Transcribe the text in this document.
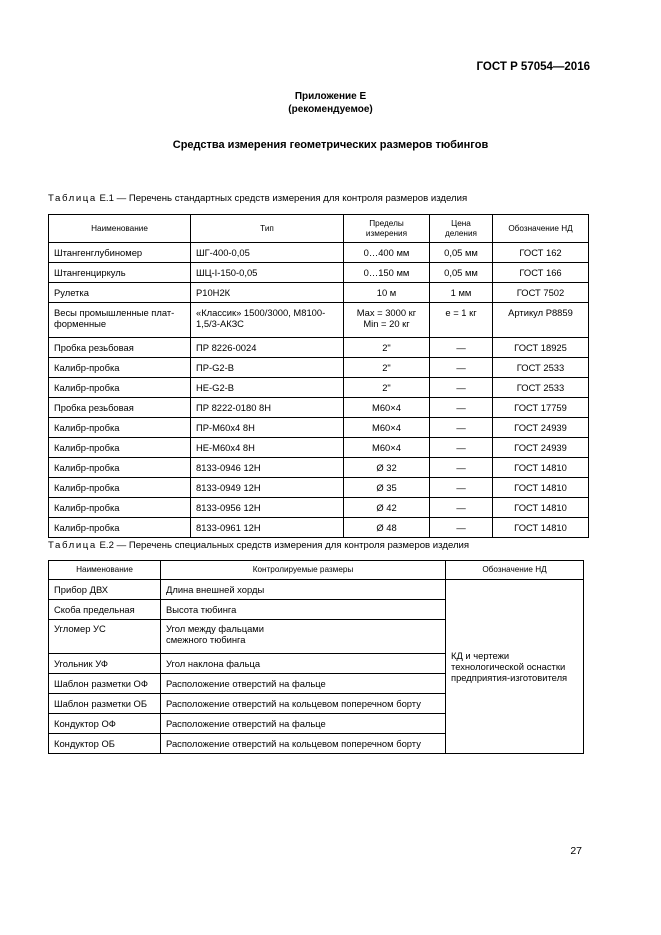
ГОСТ Р 57054—2016
Приложение Е
(рекомендуемое)
Средства измерения геометрических размеров тюбингов
Таблица Е.1 — Перечень стандартных средств измерения для контроля размеров изделия
Наименование	Тип	Пределы измерения	Цена деления	Обозначение НД
Штангенглубиномер	ШГ-400-0,05	0…400 мм	0,05 мм	ГОСТ 162
Штангенциркуль	ШЦ-I-150-0,05	0…150 мм	0,05 мм	ГОСТ 166
Рулетка	Р10Н2К	10 м	1 мм	ГОСТ 7502
Весы промышленные плат-форменные	«Классик» 1500/3000, М8100-1,5/3-АКЗС	Max = 3000 кг Min = 20 кг	e = 1 кг	Артикул Р8859
Пробка резьбовая	ПР 8226-0024	2"	—	ГОСТ 18925
Калибр-пробка	ПР-G2-В	2"	—	ГОСТ 2533
Калибр-пробка	НЕ-G2-В	2"	—	ГОСТ 2533
Пробка резьбовая	ПР 8222-0180 8Н	М60×4	—	ГОСТ 17759
Калибр-пробка	ПР-М60х4 8Н	М60×4	—	ГОСТ 24939
Калибр-пробка	НЕ-М60х4 8Н	М60×4	—	ГОСТ 24939
Калибр-пробка	8133-0946 12Н	Ø 32	—	ГОСТ 14810
Калибр-пробка	8133-0949 12Н	Ø 35	—	ГОСТ 14810
Калибр-пробка	8133-0956 12Н	Ø 42	—	ГОСТ 14810
Калибр-пробка	8133-0961 12Н	Ø 48	—	ГОСТ 14810
Таблица Е.2 — Перечень специальных средств измерения для контроля размеров изделия
Наименование	Контролируемые размеры	Обозначение НД
Прибор ДВХ	Длина внешней хорды	КД и чертежи технологической оснастки предприятия-изготовителя
Скоба предельная	Высота тюбинга	
Угломер УС	Угол между фальцами смежного тюбинга	
Угольник УФ	Угол наклона фальца	
Шаблон разметки ОФ	Расположение отверстий на фальце	
Шаблон разметки ОБ	Расположение отверстий на кольцевом поперечном борту	
Кондуктор ОФ	Расположение отверстий на фальце	
Кондуктор ОБ	Расположение отверстий на кольцевом поперечном борту	
27
